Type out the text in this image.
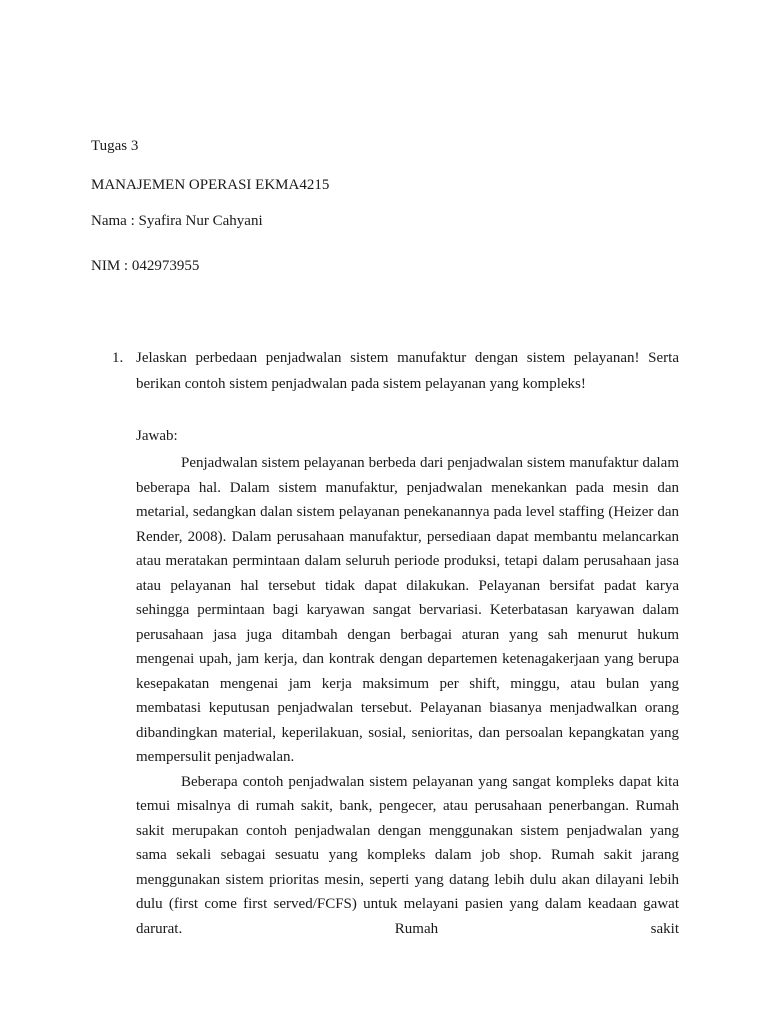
Tugas 3
MANAJEMEN OPERASI EKMA4215
Nama : Syafira Nur Cahyani
NIM : 042973955
1. Jelaskan perbedaan penjadwalan sistem manufaktur dengan sistem pelayanan! Serta berikan contoh sistem penjadwalan pada sistem pelayanan yang kompleks!
Jawab:

Penjadwalan sistem pelayanan berbeda dari penjadwalan sistem manufaktur dalam beberapa hal. Dalam sistem manufaktur, penjadwalan menekankan pada mesin dan metarial, sedangkan dalan sistem pelayanan penekanannya pada level staffing (Heizer dan Render, 2008). Dalam perusahaan manufaktur, persediaan dapat membantu melancarkan atau meratakan permintaan dalam seluruh periode produksi, tetapi dalam perusahaan jasa atau pelayanan hal tersebut tidak dapat dilakukan. Pelayanan bersifat padat karya sehingga permintaan bagi karyawan sangat bervariasi. Keterbatasan karyawan dalam perusahaan jasa juga ditambah dengan berbagai aturan yang sah menurut hukum mengenai upah, jam kerja, dan kontrak dengan departemen ketenagakerjaan yang berupa kesepakatan mengenai jam kerja maksimum per shift, minggu, atau bulan yang membatasi keputusan penjadwalan tersebut. Pelayanan biasanya menjadwalkan orang dibandingkan material, keperilakuan, sosial, senioritas, dan persoalan kepangkatan yang mempersulit penjadwalan.

Beberapa contoh penjadwalan sistem pelayanan yang sangat kompleks dapat kita temui misalnya di rumah sakit, bank, pengecer, atau perusahaan penerbangan. Rumah sakit merupakan contoh penjadwalan dengan menggunakan sistem penjadwalan yang sama sekali sebagai sesuatu yang kompleks dalam job shop. Rumah sakit jarang menggunakan sistem prioritas mesin, seperti yang datang lebih dulu akan dilayani lebih dulu (first come first served/FCFS) untuk melayani pasien yang dalam keadaan gawat darurat. Rumah sakit
